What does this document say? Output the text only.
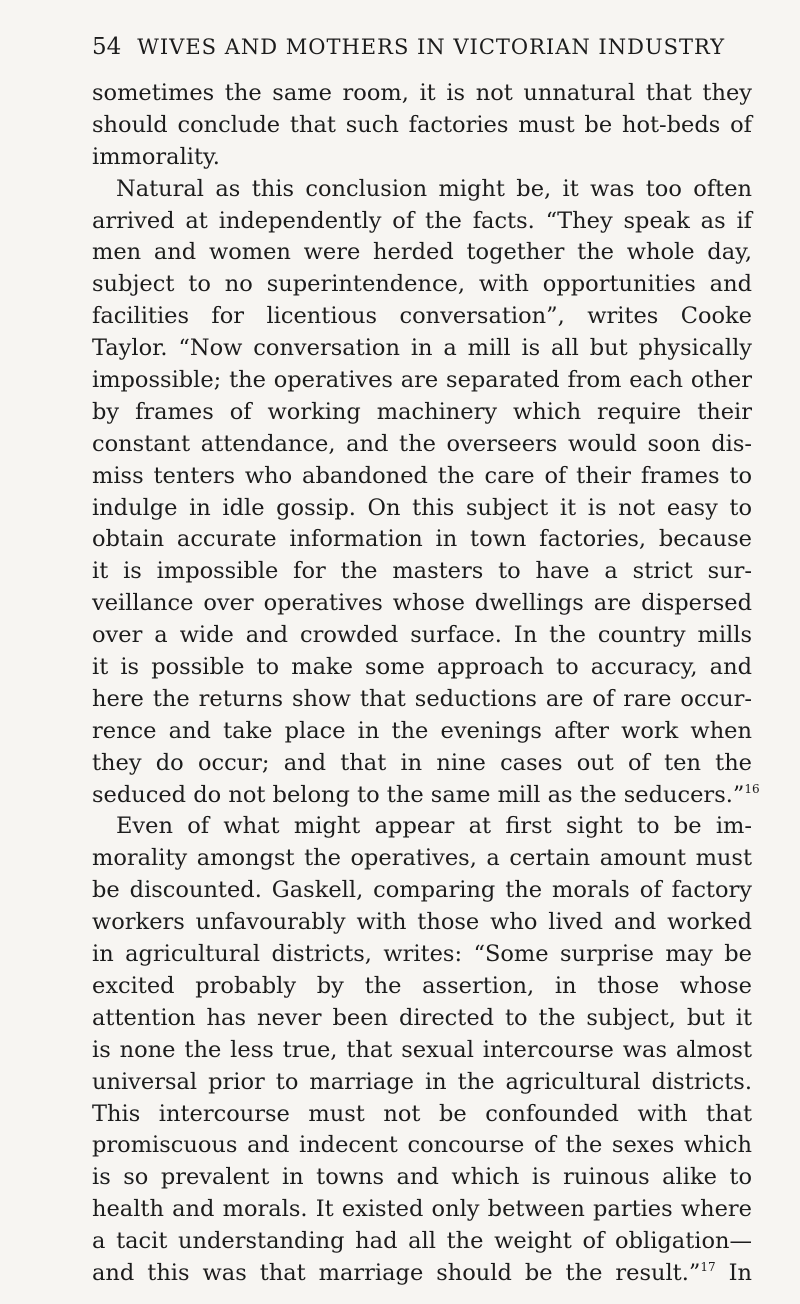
54 WIVES AND MOTHERS IN VICTORIAN INDUSTRY
sometimes the same room, it is not unnatural that they
should conclude that such factories must be hot-beds of
immorality.
Natural as this conclusion might be, it was too often
arrived at independently of the facts. “They speak as if
men and women were herded together the whole day,
subject to no superintendence, with opportunities and
facilities for licentious conversation”, writes Cooke
Taylor. “Now conversation in a mill is all but physically
impossible; the operatives are separated from each other
by frames of working machinery which require their
constant attendance, and the overseers would soon dis-
miss tenters who abandoned the care of their frames to
indulge in idle gossip. On this subject it is not easy to
obtain accurate information in town factories, because
it is impossible for the masters to have a strict sur-
veillance over operatives whose dwellings are dispersed
over a wide and crowded surface. In the country mills
it is possible to make some approach to accuracy, and
here the returns show that seductions are of rare occur-
rence and take place in the evenings after work when
they do occur; and that in nine cases out of ten the
seduced do not belong to the same mill as the seducers.”$^{16}$
Even of what might appear at first sight to be im-
morality amongst the operatives, a certain amount must
be discounted. Gaskell, comparing the morals of factory
workers unfavourably with those who lived and worked
in agricultural districts, writes: “Some surprise may be
excited probably by the assertion, in those whose
attention has never been directed to the subject, but it
is none the less true, that sexual intercourse was almost
universal prior to marriage in the agricultural districts.
This intercourse must not be confounded with that
promiscuous and indecent concourse of the sexes which
is so prevalent in towns and which is ruinous alike to
health and morals. It existed only between parties where
a tacit understanding had all the weight of obligation—
and this was that marriage should be the result.”$^{17}$ In
